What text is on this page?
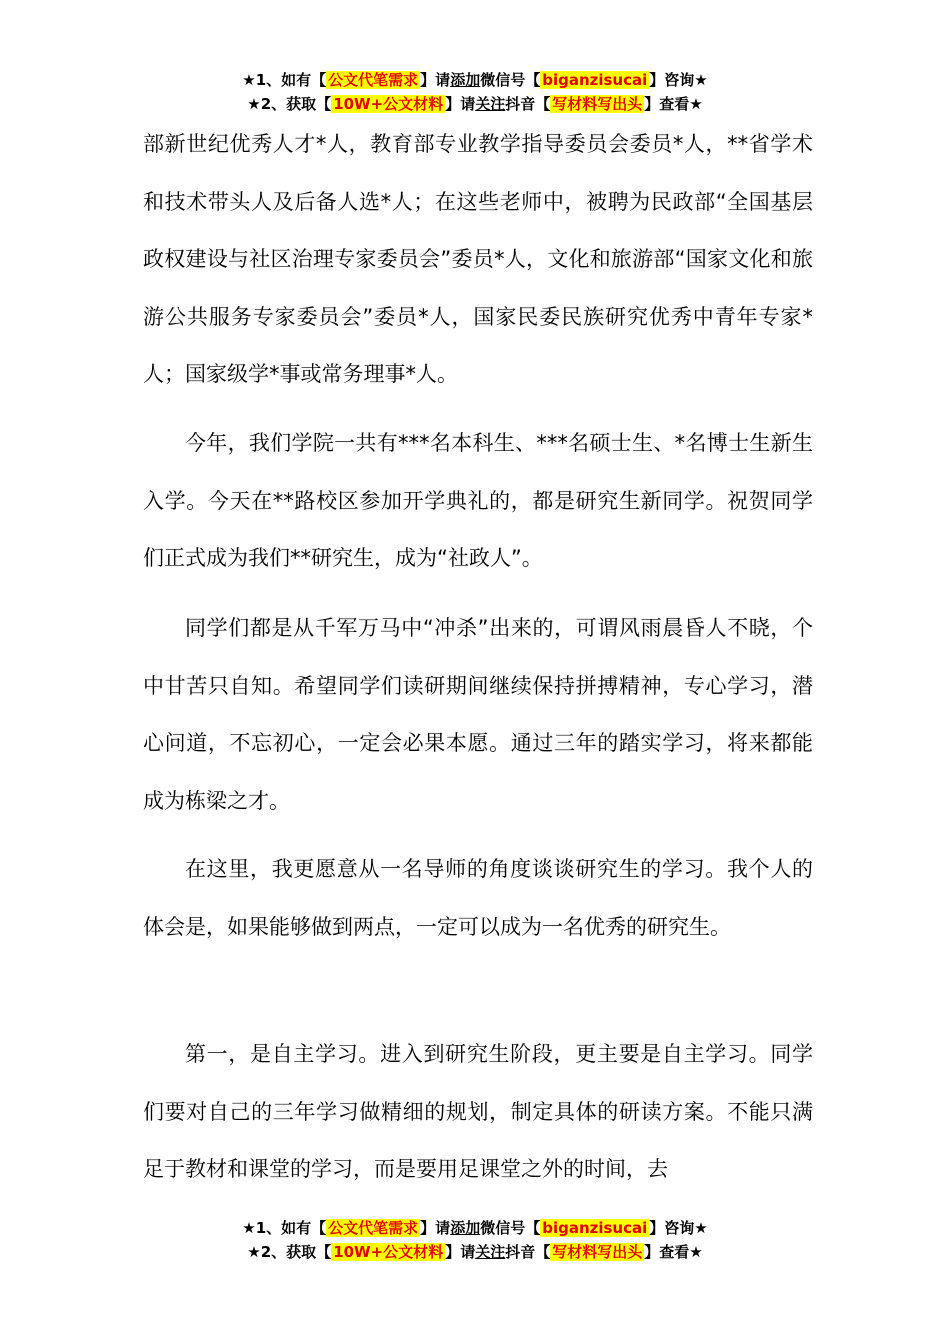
★1、如有【 公文代笔需求 】请添加微信号【 biganzisucai 】咨询★
★2、获取【 10W+公文材料 】请关注抖音【 写材料写出头 】查看★

部新世纪优秀人才*人，教育部专业教学指导委员会委员*人，**省学术和技术带头人及后备人选*人；在这些老师中，被聘为民政部“全国基层政权建设与社区治理专家委员会”委员*人，文化和旅游部“国家文化和旅游公共服务专家委员会”委员*人，国家民委民族研究优秀中青年专家*人；国家级学*事或常务理事*人。

今年，我们学院一共有***名本科生、***名硕士生、*名博士生新生入学。今天在**路校区参加开学典礼的，都是研究生新同学。祝贺同学们正式成为我们**研究生，成为“社政人”。

同学们都是从千军万马中“冲杀”出来的，可谓风雨晨昏人不晓，个中甘苦只自知。希望同学们读研期间继续保持拼搏精神，专心学习，潜心问道，不忘初心，一定会必果本愿。通过三年的踏实学习，将来都能成为栋梁之才。

在这里，我更愿意从一名导师的角度谈谈研究生的学习。我个人的体会是，如果能够做到两点，一定可以成为一名优秀的研究生。

第一，是自主学习。进入到研究生阶段，更主要是自主学习。同学们要对自己的三年学习做精细的规划，制定具体的研读方案。不能只满足于教材和课堂的学习，而是要用足课堂之外的时间，去

★1、如有【 公文代笔需求 】请添加微信号【 biganzisucai 】咨询★
★2、获取【 10W+公文材料 】请关注抖音【 写材料写出头 】查看★
